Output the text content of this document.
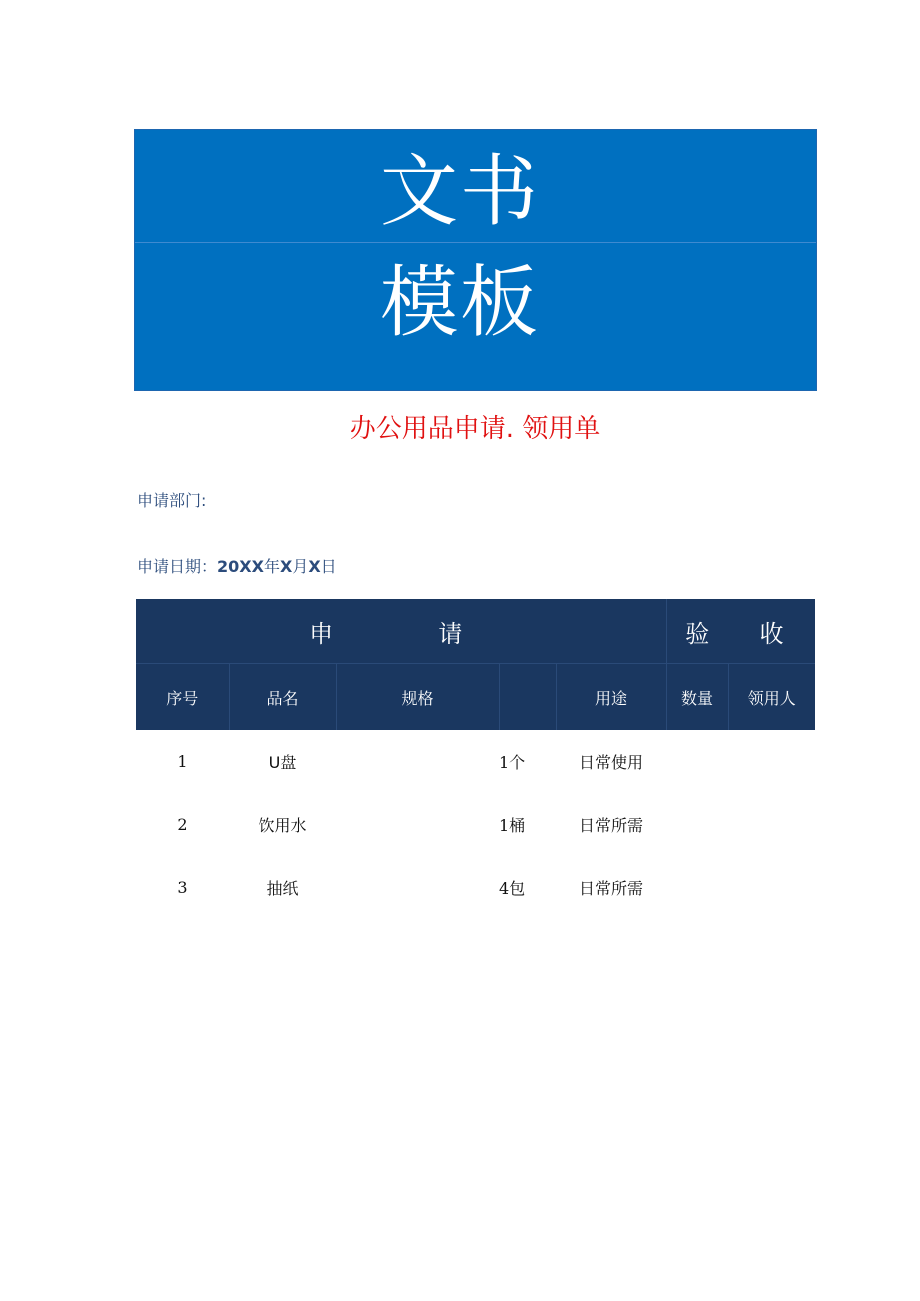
文书
模板
办公用品申请. 领用单
申请部门:
申请日期：20XX年X月X日
申  请					验	收
序号	品名	规格		用途	数量	领用人
1	U盘		1个	日常使用		
2	饮用水		1桶	日常所需		
3	抽纸		4包	日常所需		
